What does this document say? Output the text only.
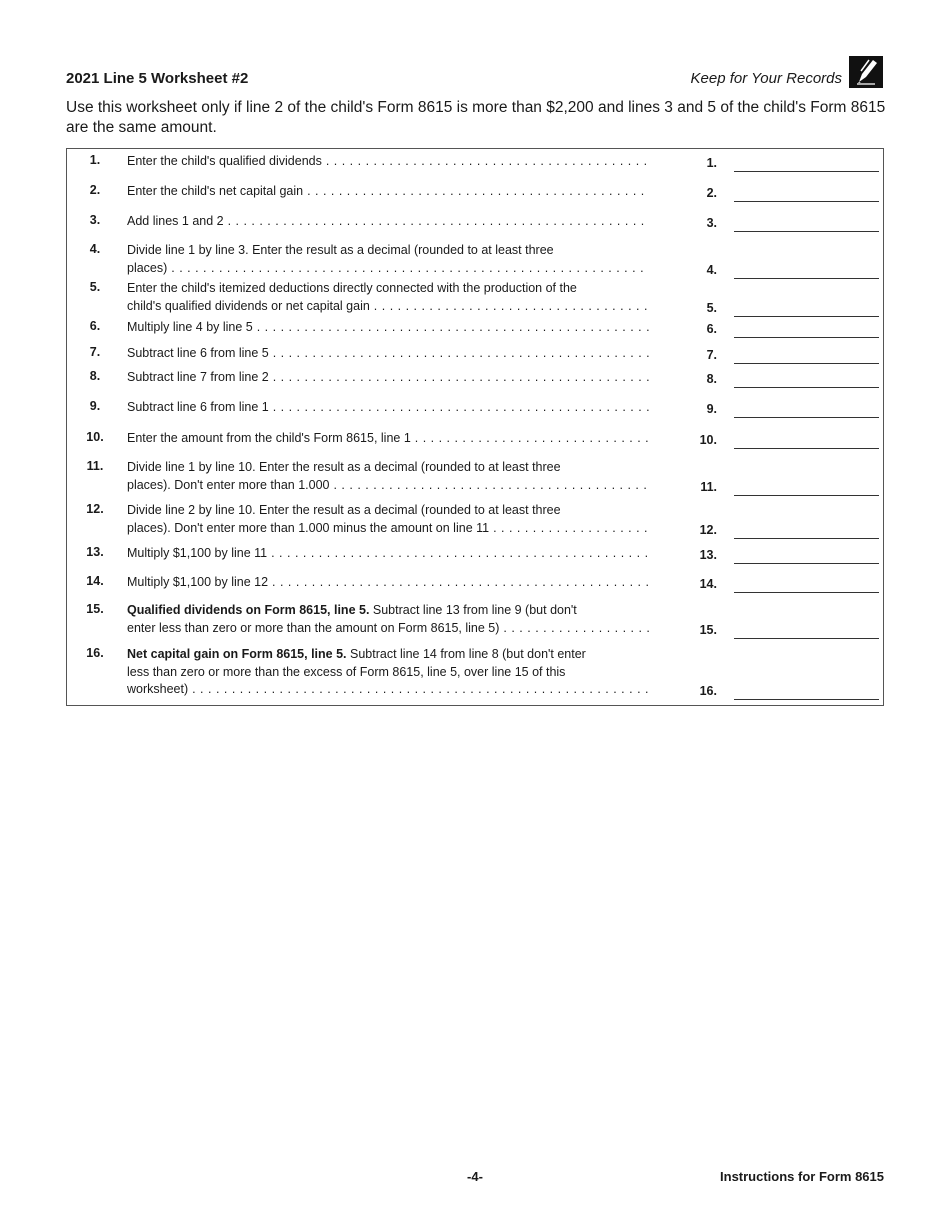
2021 Line 5 Worksheet #2	Keep for Your Records
Use this worksheet only if line 2 of the child's Form 8615 is more than $2,200 and lines 3 and 5 of the child's Form 8615 are the same amount.
1.	Enter the child's qualified dividends . . .	1.
2.	Enter the child's net capital gain . . .	2.
3.	Add lines 1 and 2 . . .	3.
4.	Divide line 1 by line 3. Enter the result as a decimal (rounded to at least three
places) . . .	4.
5.	Enter the child's itemized deductions directly connected with the production of the
child's qualified dividends or net capital gain . . .	5.
6.	Multiply line 4 by line 5 . . .	6.
7.	Subtract line 6 from line 5 . . .	7.
8.	Subtract line 7 from line 2 . . .	8.
9.	Subtract line 6 from line 1 . . .	9.
10.	Enter the amount from the child's Form 8615, line 1 . . .	10.
11.	Divide line 1 by line 10. Enter the result as a decimal (rounded to at least three
places). Don't enter more than 1.000 . . .	11.
12.	Divide line 2 by line 10. Enter the result as a decimal (rounded to at least three
places). Don't enter more than 1.000 minus the amount on line 11 . . .	12.
13.	Multiply $1,100 by line 11 . . .	13.
14.	Multiply $1,100 by line 12 . . .	14.
15.	Qualified dividends on Form 8615, line 5. Subtract line 13 from line 9 (but don't
enter less than zero or more than the amount on Form 8615, line 5) . . .	15.
16.	Net capital gain on Form 8615, line 5. Subtract line 14 from line 8 (but don't enter
less than zero or more than the excess of Form 8615, line 5, over line 15 of this
worksheet) . . .	16.
-4-	Instructions for Form 8615
